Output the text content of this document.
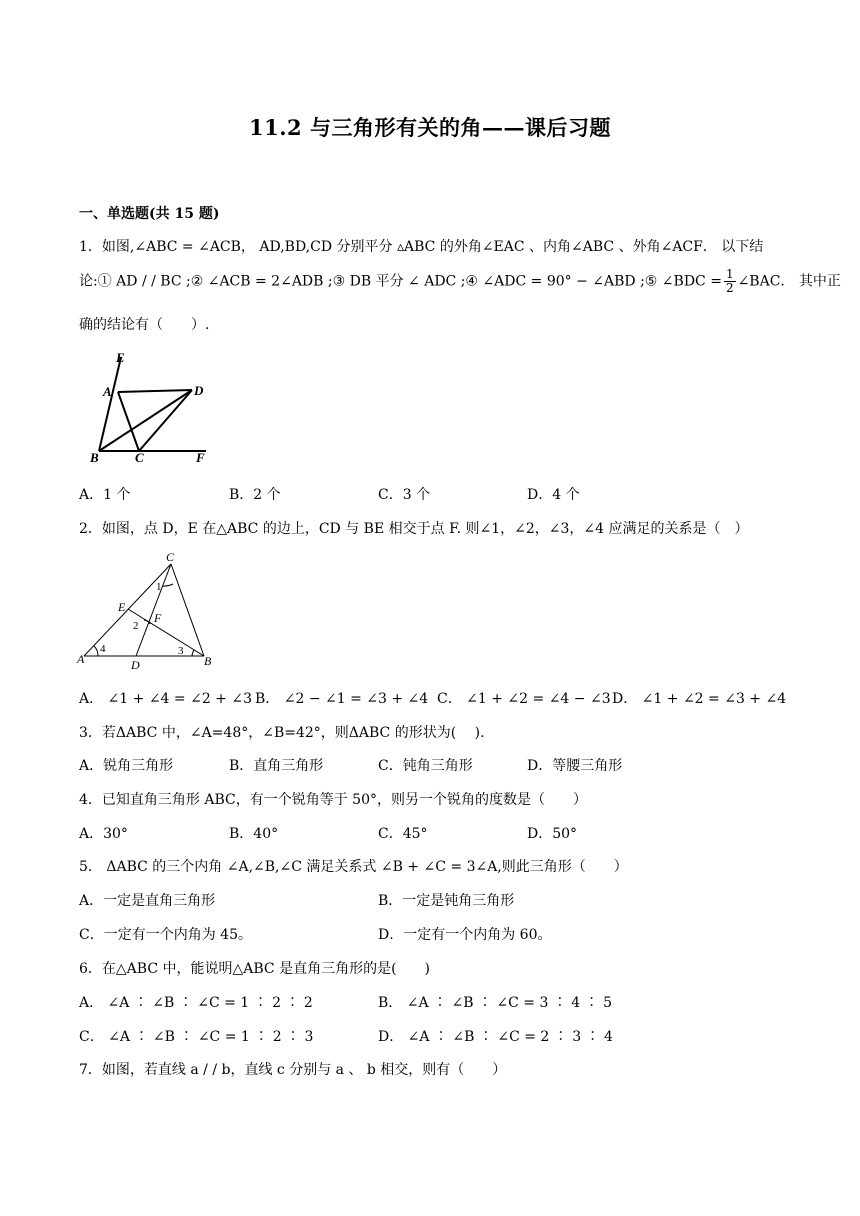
11.2 与三角形有关的角——课后习题
一、单选题(共 15 题)
1．如图,∠ABC = ∠ACB， AD,BD,CD 分别平分 ▵ABC 的外角∠EAC 、内角∠ABC 、外角∠ACF． 以下结
论:① AD / / BC ;② ∠ACB = 2∠ADB ;③ DB 平分 ∠ ADC ;④ ∠ADC = 90° − ∠ABD ;⑤ ∠BDC = $\frac{1}{2}$ ∠BAC． 其中正
确的结论有（　　）.
E
A	D
B	C	F
A．1 个	B．2 个	C．3 个	D．4 个
2．如图，点 D，E 在△ABC 的边上，CD 与 BE 相交于点 F. 则∠1，∠2，∠3，∠4 应满足的关系是（　）
C
E
F
A	D	B
1
2
3
4
A． ∠1 + ∠4 = ∠2 + ∠3 B． ∠2 − ∠1 = ∠3 + ∠4 C． ∠1 + ∠2 = ∠4 − ∠3 D． ∠1 + ∠2 = ∠3 + ∠4
3．若ΔABC 中，∠A=48°，∠B=42°，则ΔABC 的形状为(　 ).
A．锐角三角形	B．直角三角形	C．钝角三角形	D．等腰三角形
4．已知直角三角形 ABC，有一个锐角等于 50°，则另一个锐角的度数是（　　）
A．30°	B．40°	C．45°	D．50°
5． ΔABC 的三个内角 ∠A,∠B,∠C 满足关系式 ∠B + ∠C = 3∠A,则此三角形（　　）
A．一定是直角三角形	B．一定是钝角三角形
C．一定有一个内角为 45。	D．一定有一个内角为 60。
6．在△ABC 中，能说明△ABC 是直角三角形的是(　　)
A． ∠A ∶ ∠B ∶ ∠C = 1 ∶ 2 ∶ 2	B． ∠A ∶ ∠B ∶ ∠C = 3 ∶ 4 ∶ 5
C． ∠A ∶ ∠B ∶ ∠C = 1 ∶ 2 ∶ 3	D． ∠A ∶ ∠B ∶ ∠C = 2 ∶ 3 ∶ 4
7．如图，若直线 a / / b，直线 c 分别与 a 、 b 相交，则有（　　）
